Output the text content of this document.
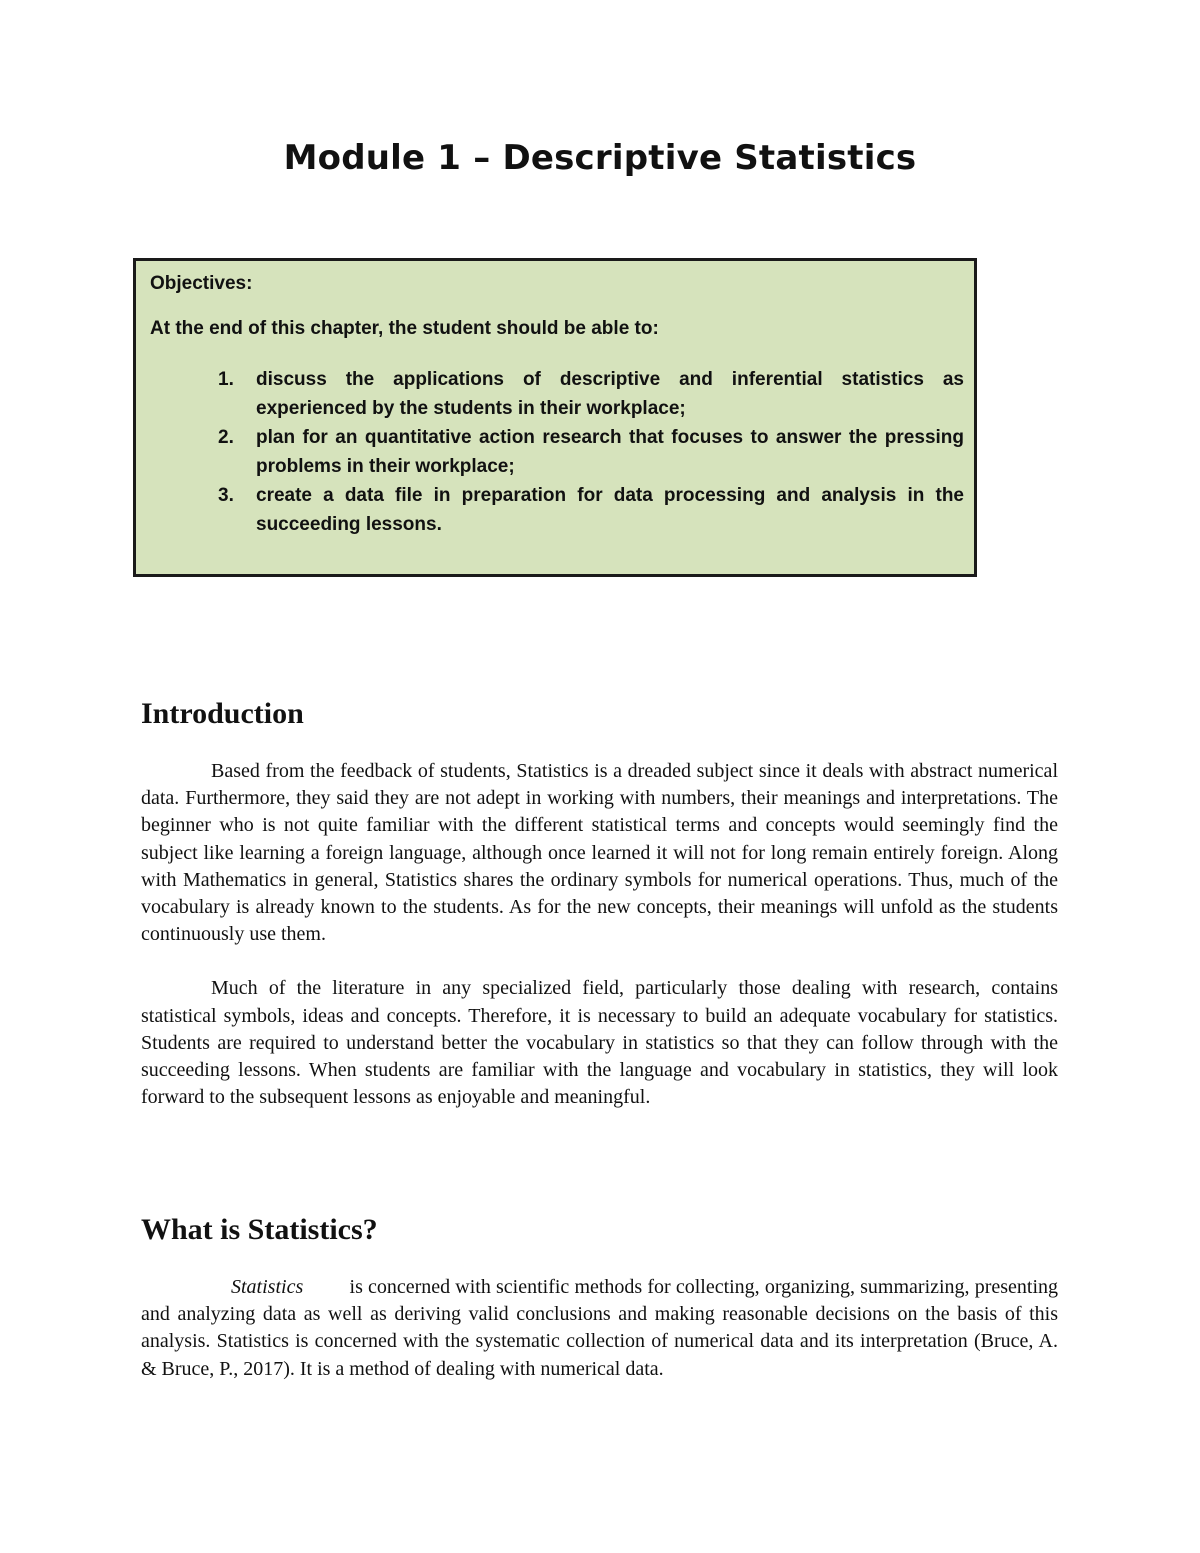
Module 1 – Descriptive Statistics

Objectives:

At the end of this chapter, the student should be able to:

1. discuss the applications of descriptive and inferential statistics as experienced by the students in their workplace;
2. plan for an quantitative action research that focuses to answer the pressing problems in their workplace;
3. create a data file in preparation for data processing and analysis in the succeeding lessons.
Introduction

Based from the feedback of students, Statistics is a dreaded subject since it deals with abstract numerical data. Furthermore, they said they are not adept in working with numbers, their meanings and interpretations. The beginner who is not quite familiar with the different statistical terms and concepts would seemingly find the subject like learning a foreign language, although once learned it will not for long remain entirely foreign. Along with Mathematics in general, Statistics shares the ordinary symbols for numerical operations. Thus, much of the vocabulary is already known to the students. As for the new concepts, their meanings will unfold as the students continuously use them.

Much of the literature in any specialized field, particularly those dealing with research, contains statistical symbols, ideas and concepts. Therefore, it is necessary to build an adequate vocabulary for statistics. Students are required to understand better the vocabulary in statistics so that they can follow through with the succeeding lessons. When students are familiar with the language and vocabulary in statistics, they will look forward to the subsequent lessons as enjoyable and meaningful.

What is Statistics?

Statistics is concerned with scientific methods for collecting, organizing, summarizing, presenting and analyzing data as well as deriving valid conclusions and making reasonable decisions on the basis of this analysis. Statistics is concerned with the systematic collection of numerical data and its interpretation (Bruce, A. & Bruce, P., 2017). It is a method of dealing with numerical data.
